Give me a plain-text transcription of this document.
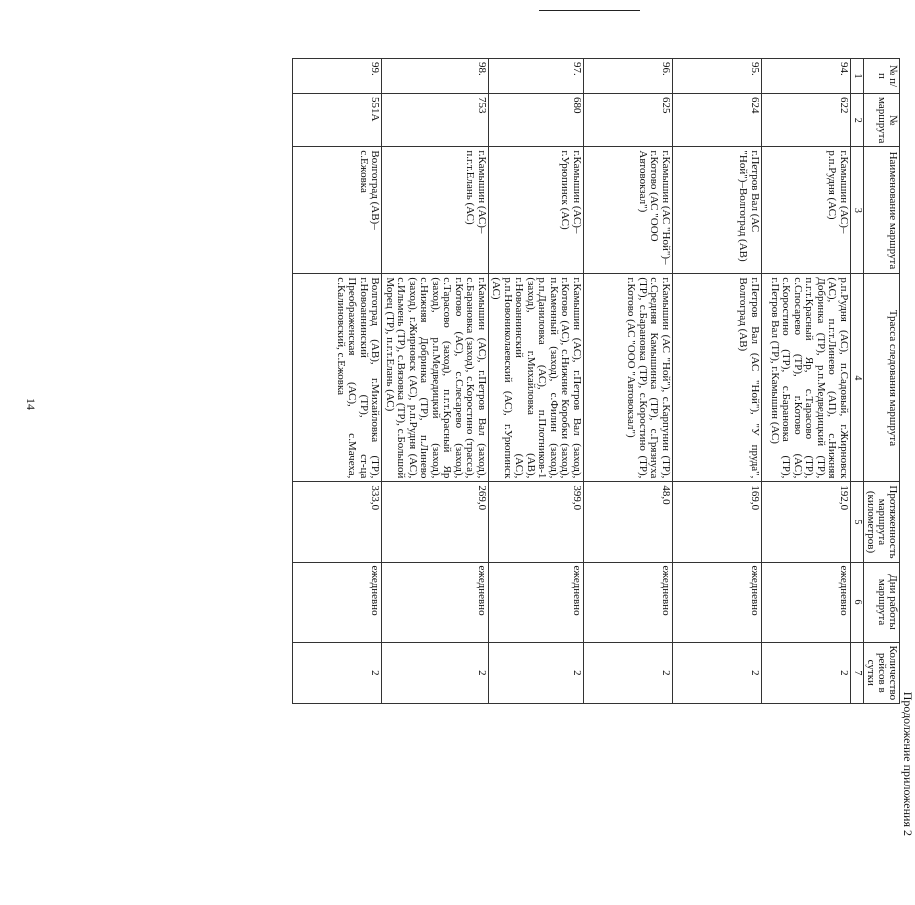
14
Продолжение приложения 2
№ п/п	№ маршрута	Наименование маршрута	Трасса следования маршрута	Протяженность маршрута (километров)	Дни работы маршрута	Количество рейсов в сутки
1	2	3	4	5	6	7
94.	622	г.Камышин (АС)–р.п.Рудня (АС)	р.п.Рудня (АС), п.Садовый, г.Жирновск (АС), п.г.т.Линево (АП), с.Нижняя Добринка (ТР), р.п.Медведицкий (ТР), п.г.т.Красный Яр, с.Тарасово (ТР), с.Спосарево (ТР), г.Котово (АС), с.Коростино (ТР), с.Барановка (ТР), г.Петров Вал (ТР), г.Камышин (АС)	192,0	ежедневно	2
95.	624	г.Петров Вал (АС "Ной")–Волгоград (АВ)	г.Петров Вал (АС "Ной"), "У пруда", Волгоград (АВ)	169,0	ежедневно	2
96.	625	г.Камышин (АС "Ной")–г.Котово (АС "ООО Автовокзал")	г.Камышин (АС "Ной"), с.Карпунин (ТР), с.Средняя Камышинка (ТР), с.Грязнуха (ТР), с.Барановка (ТР), с.Коростино (ТР), г.Котово (АС "ООО "Автовокзал")	48,0	ежедневно	2
97.	680	г.Камышин (АС)–г.Урюпинск (АС)	г.Камышин (АС), г.Петров Вал (заход), г.Котово (АС), с.Нижние Коробки (заход), п.Каменный (заход), с.Филин (заход), р.п.Даниловка (АС), п.Плотников-1 (заход), г.Михайловка (АВ), г.Новоаннинский (АС), р.п.Новониколаевский (АС), г.Урюпинск (АС)	399,0	ежедневно	2
98.	753	г.Камышин (АС)–п.г.т.Елань (АС)	г.Камышин (АС), г.Петров Вал (заход), с.Барановка (заход), с.Коростино (трасса), г.Котово (АС), с.Слесарево (заход), с.Тарасово (заход), п.г.т.Красный Яр (заход), р.п.Медведицкий (заход), с.Нижняя Добринка (ТР), п.Линево (заход), г.Жирновск (АС), р.п.Рудня (АС), с.Ильмень (ТР), с.Вязовка (ТР), с.Большой Морец (ТР), п.г.т.Елань (АС)	269,0	ежедневно	2
99.	551А	Волгоград (АВ)–с.Ежовка	Волгоград (АВ), г.Михайловка (ТР), г.Новоаннинский (ТР), ст-ца Преображенская (АС), с.Мачеха, с.Калиновский, с.Ежовка	333,0	ежедневно	2
